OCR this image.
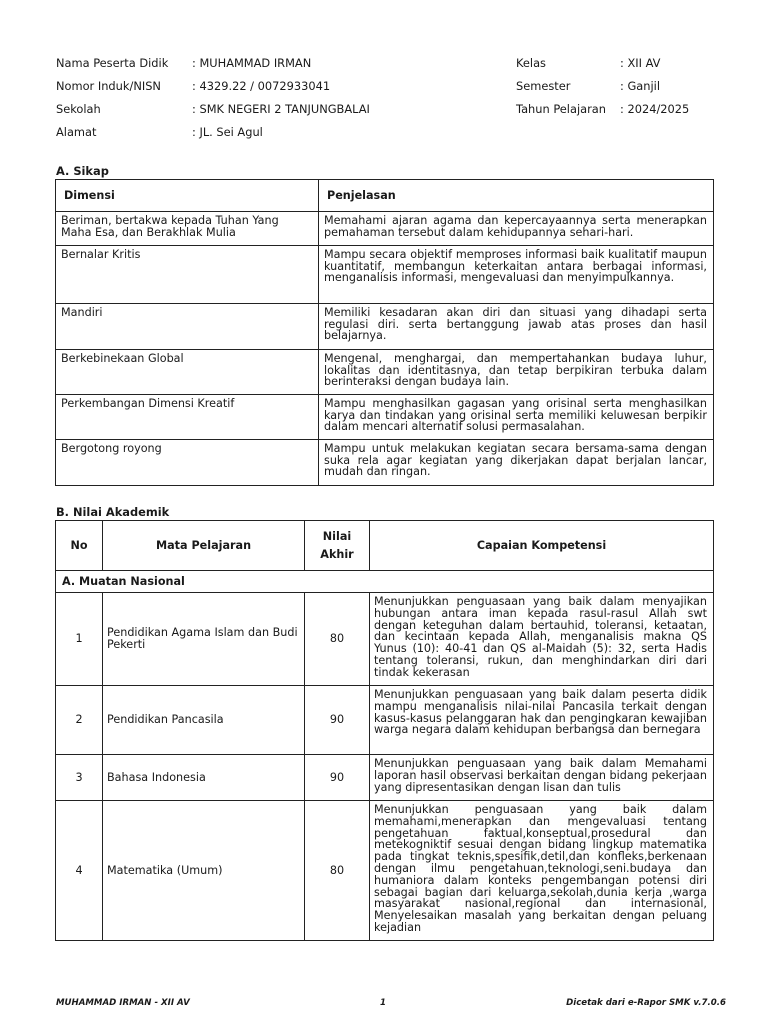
Nama Peserta Didik : MUHAMMAD IRMAN
Nomor Induk/NISN	: 4329.22 / 0072933041
Sekolah	: SMK NEGERI 2 TANJUNGBALAI
Alamat	: JL. Sei Agul
Kelas	: XII AV
Semester	: Ganjil
Tahun Pelajaran : 2024/2025
A. Sikap
Dimensi	Penjelasan
Beriman, bertakwa kepada Tuhan Yang Maha Esa, dan Berakhlak Mulia	Memahami ajaran agama dan kepercayaannya serta menerapkan pemahaman tersebut dalam kehidupannya sehari-hari.
Bernalar Kritis	Mampu secara objektif memproses informasi baik kualitatif maupun kuantitatif, membangun keterkaitan antara berbagai informasi, menganalisis informasi, mengevaluasi dan menyimpulkannya.
Mandiri	Memiliki kesadaran akan diri dan situasi yang dihadapi serta regulasi diri. serta bertanggung jawab atas proses dan hasil belajarnya.
Berkebinekaan Global	Mengenal, menghargai, dan mempertahankan budaya luhur, lokalitas dan identitasnya, dan tetap berpikiran terbuka dalam berinteraksi dengan budaya lain.
Perkembangan Dimensi Kreatif	Mampu menghasilkan gagasan yang orisinal serta menghasilkan karya dan tindakan yang orisinal serta memiliki keluwesan berpikir dalam mencari alternatif solusi permasalahan.
Bergotong royong	Mampu untuk melakukan kegiatan secara bersama-sama dengan suka rela agar kegiatan yang dikerjakan dapat berjalan lancar, mudah dan ringan.
B. Nilai Akademik
No	Mata Pelajaran	Nilai Akhir	Capaian Kompetensi
A. Muatan Nasional			
1	Pendidikan Agama Islam dan Budi Pekerti	80	Menunjukkan penguasaan yang baik dalam menyajikan hubungan antara iman kepada rasul-rasul Allah swt dengan keteguhan dalam bertauhid, toleransi, ketaatan, dan kecintaan kepada Allah, menganalisis makna QS Yunus (10): 40-41 dan QS al-Maidah (5): 32, serta Hadis tentang toleransi, rukun, dan menghindarkan diri dari tindak kekerasan
2	Pendidikan Pancasila	90	Menunjukkan penguasaan yang baik dalam peserta didik mampu menganalisis nilai-nilai Pancasila terkait dengan kasus-kasus pelanggaran hak dan pengingkaran kewajiban warga negara dalam kehidupan berbangsa dan bernegara
3	Bahasa Indonesia	90	Menunjukkan penguasaan yang baik dalam Memahami laporan hasil observasi berkaitan dengan bidang pekerjaan yang dipresentasikan dengan lisan dan tulis
4	Matematika (Umum)	80	Menunjukkan penguasaan yang baik dalam memahami,menerapkan dan mengevaluasi tentang pengetahuan faktual,konseptual,prosedural dan metekogniktif sesuai dengan bidang lingkup matematika pada tingkat teknis,spesifik,detil,dan konfleks,berkenaan dengan ilmu pengetahuan,teknologi,seni.budaya dan humaniora dalam konteks pengembangan potensi diri sebagai bagian dari keluarga,sekolah,dunia kerja ,warga masyarakat nasional,regional dan internasional, Menyelesaikan masalah yang berkaitan dengan peluang kejadian
MUHAMMAD IRMAN - XII AV	1	Dicetak dari e-Rapor SMK v.7.0.6
